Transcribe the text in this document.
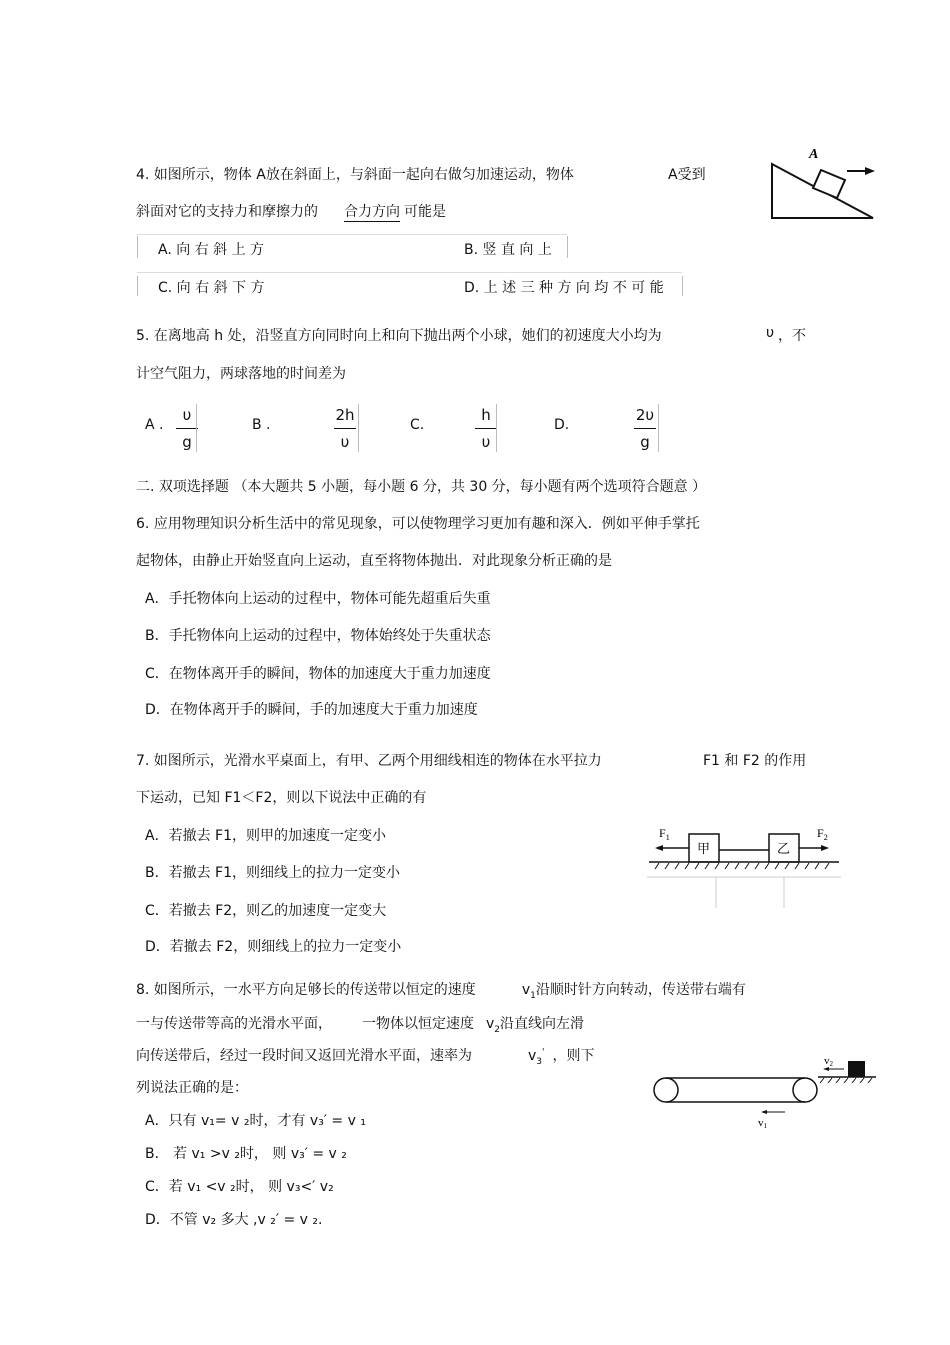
4. 如图所示，物体 A放在斜面上，与斜面一起向右做匀加速运动，物体	A受到
斜面对它的支持力和摩擦力的 合力方向 可能是
A. 向 右 斜 上 方	B. 竖 直 向 上
C. 向 右 斜 下 方	D. 上 述 三 种 方 向 均 不 可 能
A
5. 在离地高 h 处，沿竖直方向同时向上和向下抛出两个小球，她们的初速度大小均为	υ ，不
计空气阻力，两球落地的时间差为
A .
υ
g
B .
2h
υ
C.
h
υ
D.
2υ
g
二. 双项选择题 （本大题共 5 小题，每小题 6 分，共 30 分，每小题有两个选项符合题意 ）
6. 应用物理知识分析生活中的常见现象，可以使物理学习更加有趣和深入．例如平伸手掌托
起物体，由静止开始竖直向上运动，直至将物体抛出．对此现象分析正确的是
A．手托物体向上运动的过程中，物体可能先超重后失重
B．手托物体向上运动的过程中，物体始终处于失重状态
C．在物体离开手的瞬间，物体的加速度大于重力加速度
D．在物体离开手的瞬间，手的加速度大于重力加速度
7. 如图所示，光滑水平桌面上，有甲、乙两个用细线相连的物体在水平拉力	F1 和 F2 的作用
下运动，已知 F1＜F2，则以下说法中正确的有
A．若撤去 F1，则甲的加速度一定变小
B．若撤去 F1，则细线上的拉力一定变小
C．若撤去 F2，则乙的加速度一定变大
D．若撤去 F2，则细线上的拉力一定变小
$F_1$
甲	乙
$F_2$
8. 如图所示，一水平方向足够长的传送带以恒定的速度	$v_1$沿顺时针方向转动，传送带右端有
一与传送带等高的光滑水平面， 一物体以恒定速度 $v_2$沿直线向左滑
向传送带后，经过一段时间又返回光滑水平面，速率为	$v_3'$ ，则下
列说法正确的是：
A．只有 v₁= v ₂时，才有 v₃′ = v ₁
B． 若 v₁ >v ₂时， 则 v₃′ = v ₂
C．若 v₁ <v ₂时， 则 v₃<′ v₂
D．不管 v₂ 多大 ,v ₂′ = v ₂.
v2
v1
